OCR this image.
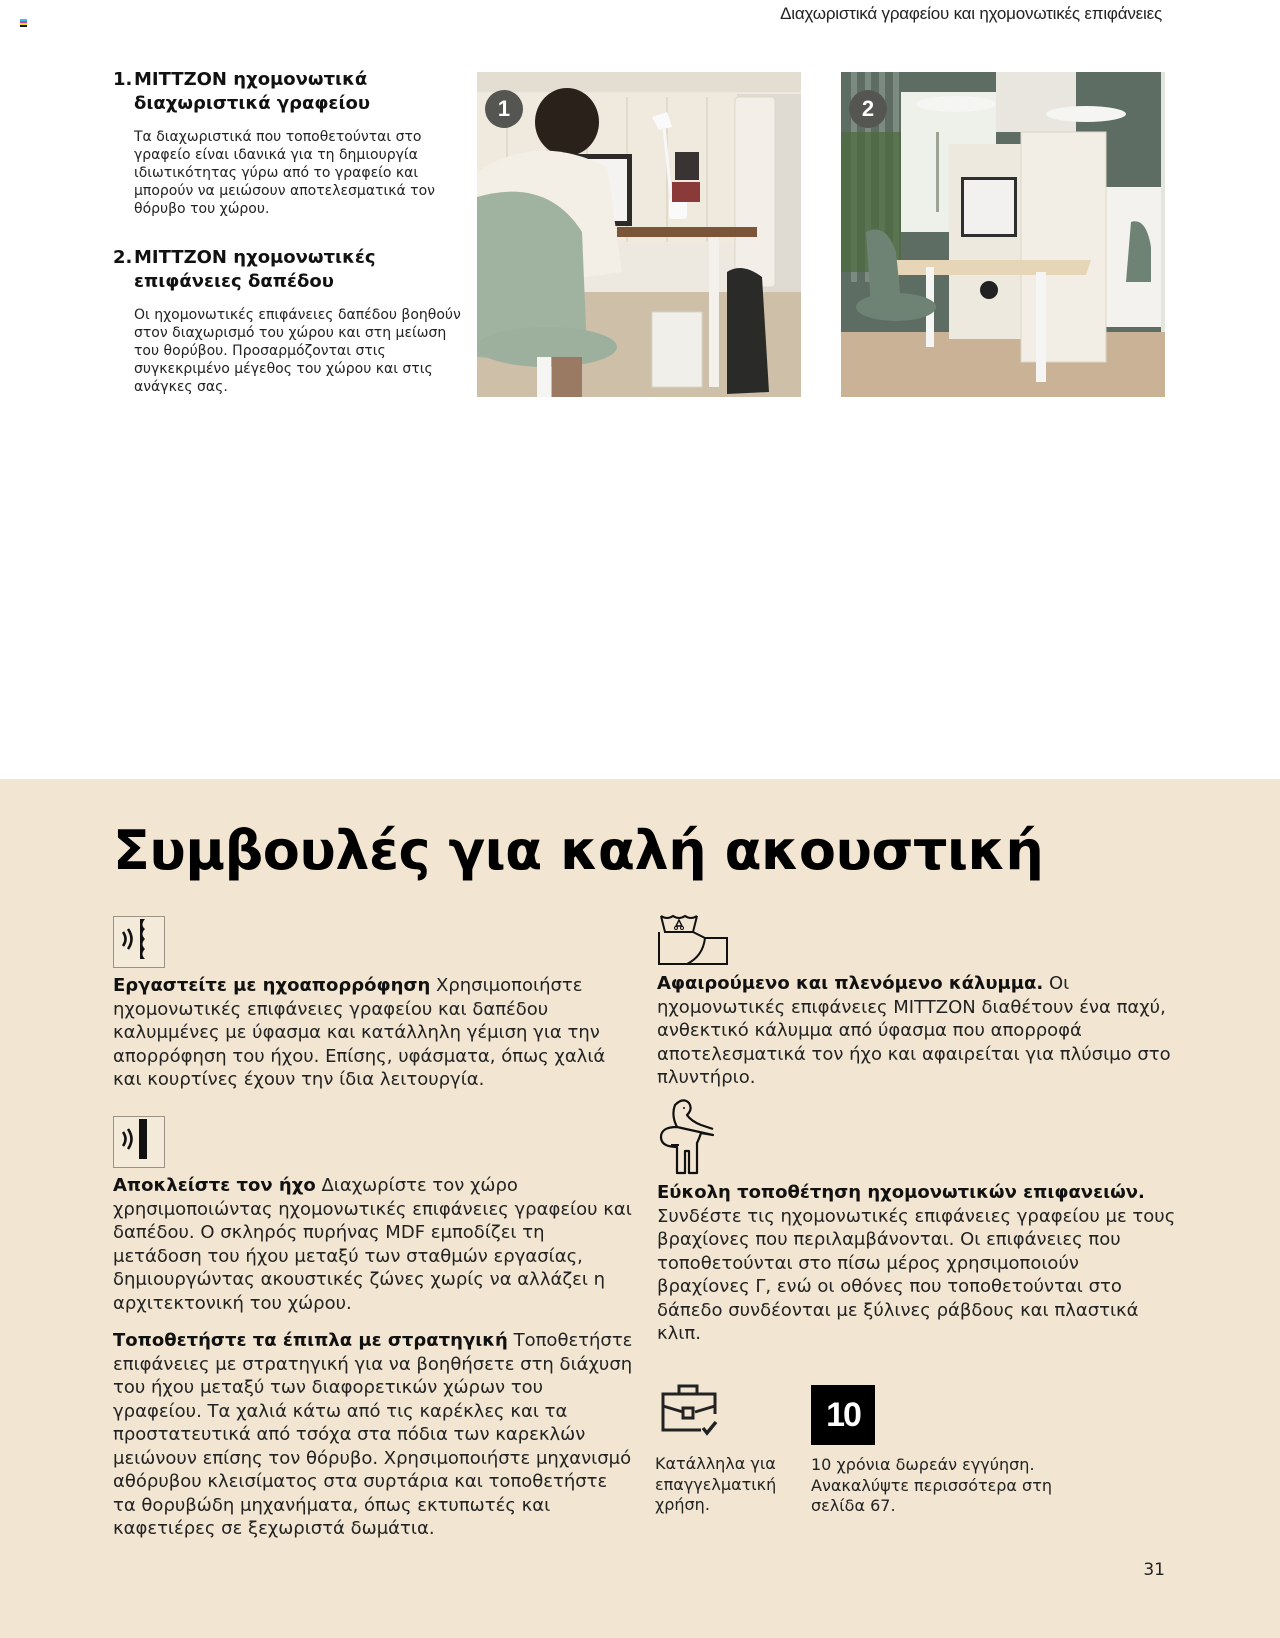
Διαχωριστικά γραφείου και ηχομονωτικές επιφάνειες
1. MITTZON ηχομονωτικά διαχωριστικά γραφείου

Τα διαχωριστικά που τοποθετούνται στο γραφείο είναι ιδανικά για τη δημιουργία ιδιωτικότητας γύρω από το γραφείο και μπορούν να μειώσουν αποτελεσματικά τον θόρυβο του χώρου.

2. MITTZON ηχομονωτικές επιφάνειες δαπέδου

Οι ηχομονωτικές επιφάνειες δαπέδου βοηθούν στον διαχωρισμό του χώρου και στη μείωση του θορύβου. Προσαρμόζονται στις συγκεκριμένο μέγεθος του χώρου και στις ανάγκες σας.

1	2
Συμβουλές για καλή ακουστική

Εργαστείτε με ηχοαπορρόφηση Χρησιμοποιήστε ηχομονωτικές επιφάνειες γραφείου και δαπέδου καλυμμένες με ύφασμα και κατάλληλη γέμιση για την απορρόφηση του ήχου. Επίσης, υφάσματα, όπως χαλιά και κουρτίνες έχουν την ίδια λειτουργία.

Αποκλείστε τον ήχο Διαχωρίστε τον χώρο χρησιμοποιώντας ηχομονωτικές επιφάνειες γραφείου και δαπέδου. Ο σκληρός πυρήνας MDF εμποδίζει τη μετάδοση του ήχου μεταξύ των σταθμών εργασίας, δημιουργώντας ακουστικές ζώνες χωρίς να αλλάζει η αρχιτεκτονική του χώρου.

Τοποθετήστε τα έπιπλα με στρατηγική Τοποθετήστε επιφάνειες με στρατηγική για να βοηθήσετε στη διάχυση του ήχου μεταξύ των διαφορετικών χώρων του γραφείου. Τα χαλιά κάτω από τις καρέκλες και τα προστατευτικά από τσόχα στα πόδια των καρεκλών μειώνουν επίσης τον θόρυβο. Χρησιμοποιήστε μηχανισμό αθόρυβου κλεισίματος στα συρτάρια και τοποθετήστε τα θορυβώδη μηχανήματα, όπως εκτυπωτές και καφετιέρες σε ξεχωριστά δωμάτια.

Αφαιρούμενο και πλενόμενο κάλυμμα. Οι ηχομονωτικές επιφάνειες MITTZON διαθέτουν ένα παχύ, ανθεκτικό κάλυμμα από ύφασμα που απορροφά αποτελεσματικά τον ήχο και αφαιρείται για πλύσιμο στο πλυντήριο.

Εύκολη τοποθέτηση ηχομονωτικών επιφανειών. Συνδέστε τις ηχομονωτικές επιφάνειες γραφείου με τους βραχίονες που περιλαμβάνονται. Οι επιφάνειες που τοποθετούνται στο πίσω μέρος χρησιμοποιούν βραχίονες Γ, ενώ οι οθόνες που τοποθετούνται στο δάπεδο συνδέονται με ξύλινες ράβδους και πλαστικά κλιπ.

Κατάλληλα για επαγγελματική χρήση.

10

10 χρόνια δωρεάν εγγύηση. Ανακαλύψτε περισσότερα στη σελίδα 67.

31
